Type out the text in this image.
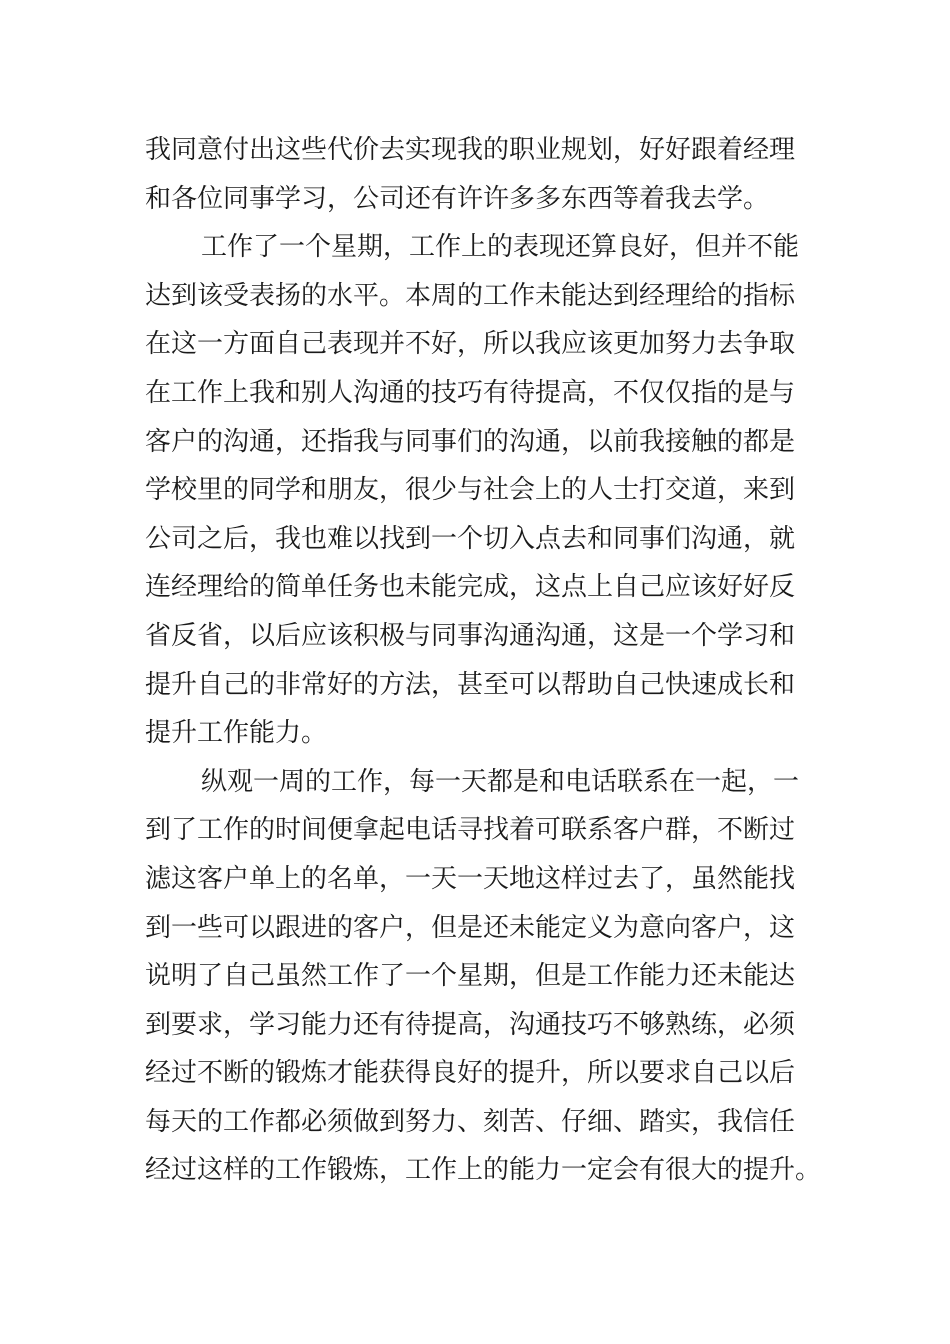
我同意付出这些代价去实现我的职业规划，好好跟着经理
和各位同事学习，公司还有许许多多东西等着我去学。
工作了一个星期，工作上的表现还算良好，但并不能
达到该受表扬的水平。本周的工作未能达到经理给的指标
在这一方面自己表现并不好，所以我应该更加努力去争取
在工作上我和别人沟通的技巧有待提高，不仅仅指的是与
客户的沟通，还指我与同事们的沟通，以前我接触的都是
学校里的同学和朋友，很少与社会上的人士打交道，来到
公司之后，我也难以找到一个切入点去和同事们沟通，就
连经理给的简单任务也未能完成，这点上自己应该好好反
省反省，以后应该积极与同事沟通沟通，这是一个学习和
提升自己的非常好的方法，甚至可以帮助自己快速成长和
提升工作能力。
纵观一周的工作，每一天都是和电话联系在一起，一
到了工作的时间便拿起电话寻找着可联系客户群，不断过
滤这客户单上的名单，一天一天地这样过去了，虽然能找
到一些可以跟进的客户，但是还未能定义为意向客户，这
说明了自己虽然工作了一个星期，但是工作能力还未能达
到要求，学习能力还有待提高，沟通技巧不够熟练，必须
经过不断的锻炼才能获得良好的提升，所以要求自己以后
每天的工作都必须做到努力、刻苦、仔细、踏实，我信任
经过这样的工作锻炼，工作上的能力一定会有很大的提升。
